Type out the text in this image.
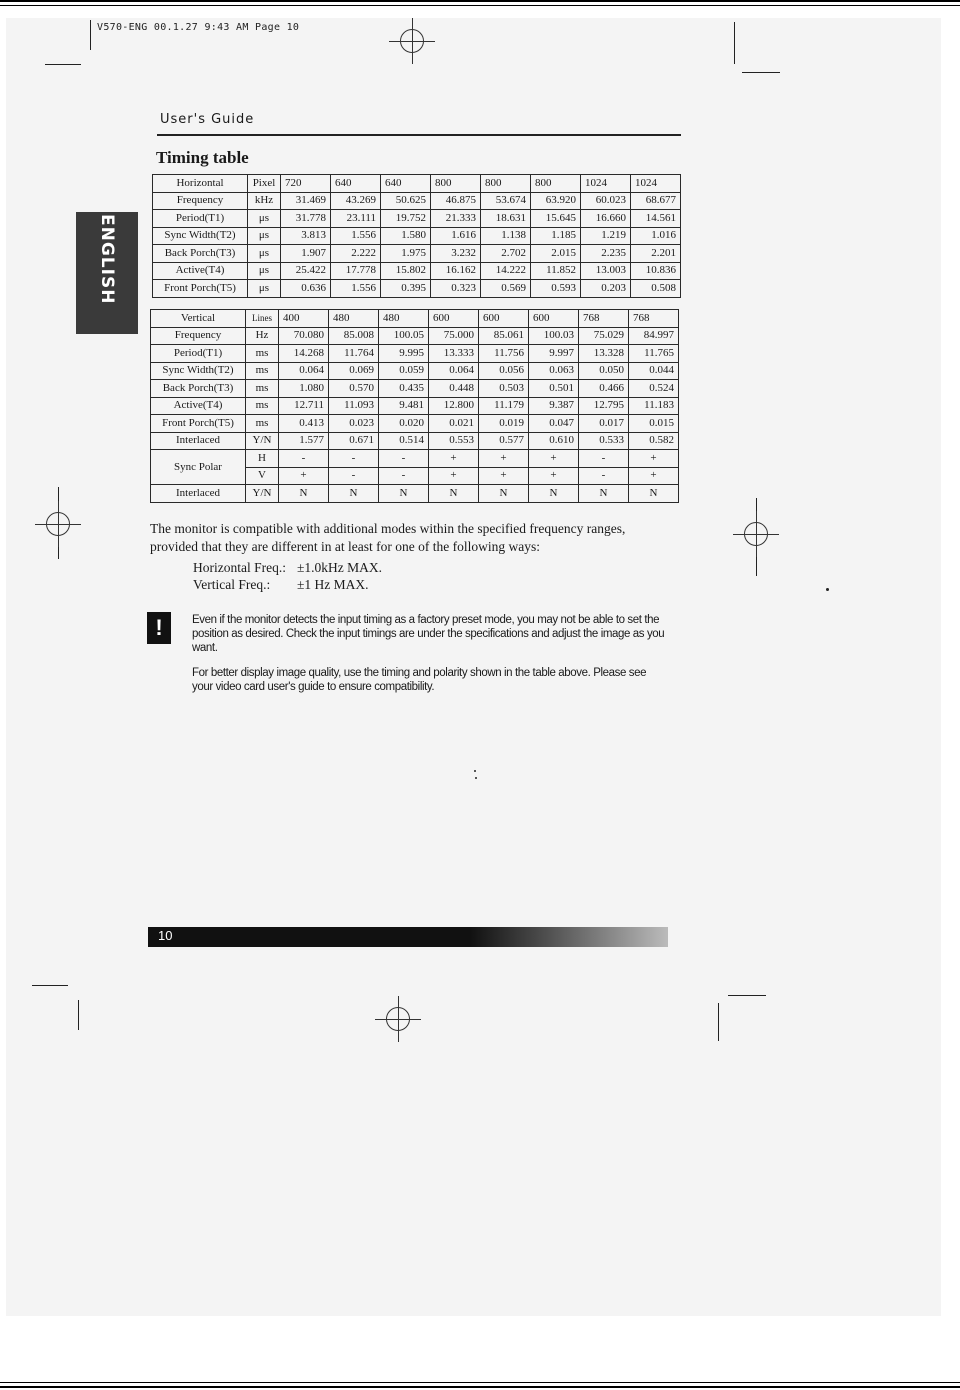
V570-ENG 00.1.27 9:43 AM Page 10
User's Guide
ENGLISH
Timing table
Horizontal	Pixel	720	640	640	800	800	800	1024	1024
Frequency	kHz	31.469	43.269	50.625	46.875	53.674	63.920	60.023	68.677
Period(T1)	μs	31.778	23.111	19.752	21.333	18.631	15.645	16.660	14.561
Sync Width(T2)	μs	3.813	1.556	1.580	1.616	1.138	1.185	1.219	1.016
Back Porch(T3)	μs	1.907	2.222	1.975	3.232	2.702	2.015	2.235	2.201
Active(T4)	μs	25.422	17.778	15.802	16.162	14.222	11.852	13.003	10.836
Front Porch(T5)	μs	0.636	1.556	0.395	0.323	0.569	0.593	0.203	0.508
Vertical	Lines	400	480	480	600	600	600	768	768
Frequency	Hz	70.080	85.008	100.05	75.000	85.061	100.03	75.029	84.997
Period(T1)	ms	14.268	11.764	9.995	13.333	11.756	9.997	13.328	11.765
Sync Width(T2)	ms	0.064	0.069	0.059	0.064	0.056	0.063	0.050	0.044
Back Porch(T3)	ms	1.080	0.570	0.435	0.448	0.503	0.501	0.466	0.524
Active(T4)	ms	12.711	11.093	9.481	12.800	11.179	9.387	12.795	11.183
Front Porch(T5)	ms	0.413	0.023	0.020	0.021	0.019	0.047	0.017	0.015
Interlaced	Y/N	1.577	0.671	0.514	0.553	0.577	0.610	0.533	0.582
Sync Polar	H	-	-	-	+	+	+	-	+
	V	+	-	-	+	+	+	-	+
Interlaced	Y/N	N	N	N	N	N	N	N	N
The monitor is compatible with additional modes within the specified frequency ranges, provided that they are different in at least for one of the following ways:
Horizontal Freq.: ±1.0kHz MAX.
Vertical Freq.: ±1 Hz MAX.
!	Even if the monitor detects the input timing as a factory preset mode, you may not be able to set the position as desired. Check the input timings are under the specifications and adjust the image as you want.
For better display image quality, use the timing and polarity shown in the table above. Please see your video card user's guide to ensure compatibility.
10
